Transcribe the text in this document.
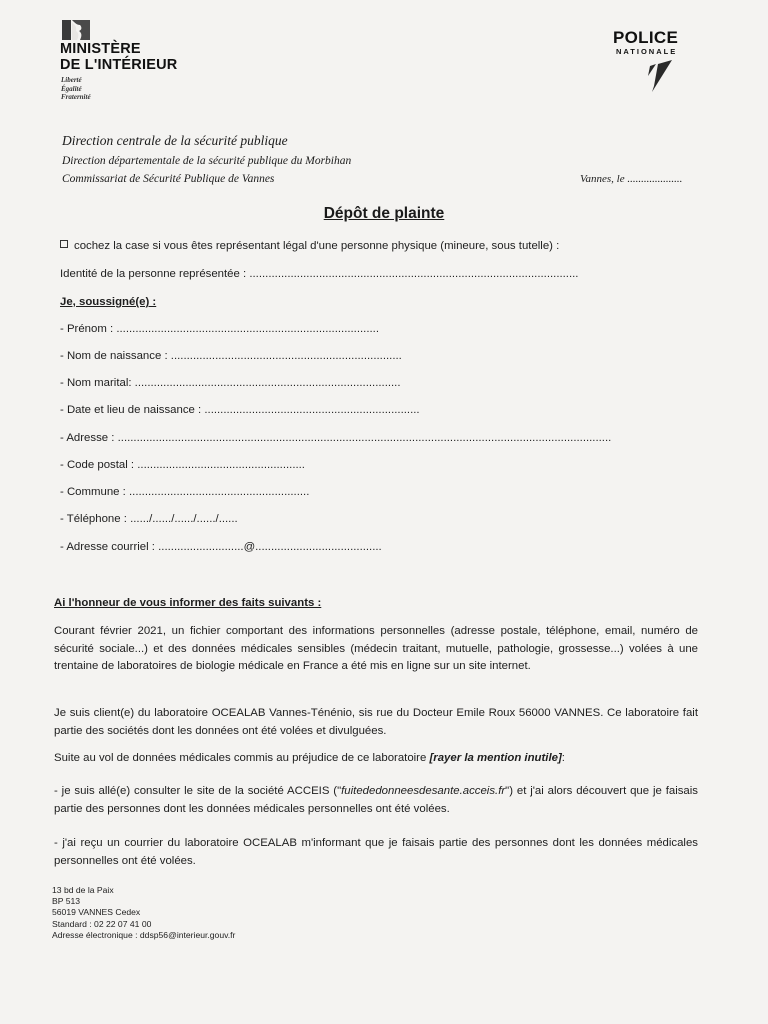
MINISTÈRE
DE L'INTÉRIEUR
Liberté
Égalité
Fraternité
POLICE
NATIONALE
Direction centrale de la sécurité publique
Direction départementale de la sécurité publique du Morbihan
Commissariat de Sécurité Publique de Vannes	Vannes, le ....................
Dépôt de plainte
cochez la case si vous êtes représentant légal d'une personne physique (mineure, sous tutelle) :
Identité de la personne représentée : ........................................................................................................
Je, soussigné(e) :
- Prénom : ...................................................................................
- Nom de naissance : .........................................................................
- Nom marital: ....................................................................................
- Date et lieu de naissance : ....................................................................
- Adresse : ............................................................................................................................................................
- Code postal : .....................................................
- Commune : .........................................................
- Téléphone : ....../....../....../....../......
- Adresse courriel : ...........................@........................................
Ai l'honneur de vous informer des faits suivants :
Courant février 2021, un fichier comportant des informations personnelles (adresse postale, téléphone, email, numéro de sécurité sociale...) et des données médicales sensibles (médecin traitant, mutuelle, pathologie, grossesse...) volées à une trentaine de laboratoires de biologie médicale en France a été mis en ligne sur un site internet.
Je suis client(e) du laboratoire OCEALAB Vannes-Ténénio, sis rue du Docteur Emile Roux 56000 VANNES. Ce laboratoire fait partie des sociétés dont les données ont été volées et divulguées.
Suite au vol de données médicales commis au préjudice de ce laboratoire [rayer la mention inutile]:
- je suis allé(e) consulter le site de la société ACCEIS ("fuitededonneesdesante.acceis.fr") et j'ai alors découvert que je faisais partie des personnes dont les données médicales personnelles ont été volées.
- j'ai reçu un courrier du laboratoire OCEALAB m'informant que je faisais partie des personnes dont les données médicales personnelles ont été volées.
13 bd de la Paix
BP 513
56019 VANNES Cedex
Standard : 02 22 07 41 00
Adresse électronique : ddsp56@interieur.gouv.fr
